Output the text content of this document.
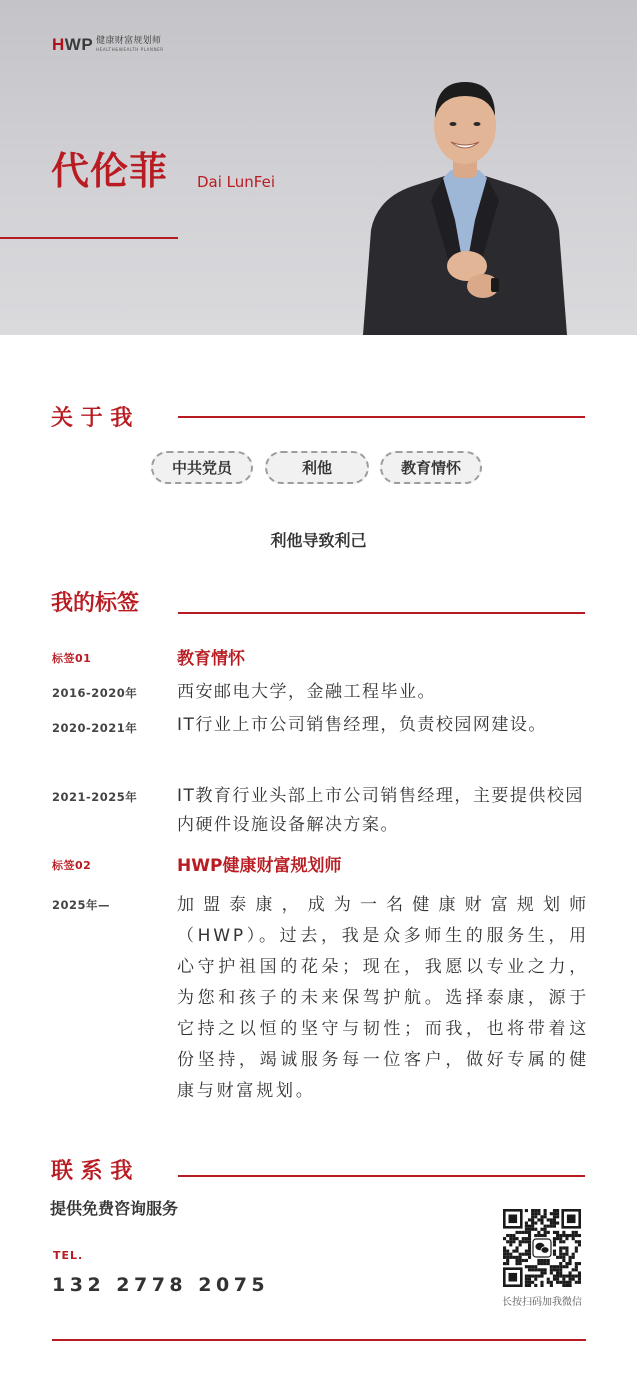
HWP 健康财富规划师
HEALTH&WEALTH PLANNER
代伦菲 Dai LunFei
关 于 我
中共党员	利他	教育情怀
利他导致利己
我的标签
标签01	教育情怀
2016-2020年 西安邮电大学，金融工程毕业。
2020-2021年 IT行业上市公司销售经理，负责校园网建设。
2021-2025年 IT教育行业头部上市公司销售经理，主要提供校园内硬件设施设备解决方案。
标签02	HWP健康财富规划师
2025年—	加盟泰康，成为一名健康财富规划师（HWP）。过去，我是众多师生的服务生，用心守护祖国的花朵；现在，我愿以专业之力，为您和孩子的未来保驾护航。选择泰康，源于它持之以恒的坚守与韧性；而我，也将带着这份坚持，竭诚服务每一位客户，做好专属的健康与财富规划。
联 系 我
提供免费咨询服务
TEL.
132 2778 2075
长按扫码加我微信
